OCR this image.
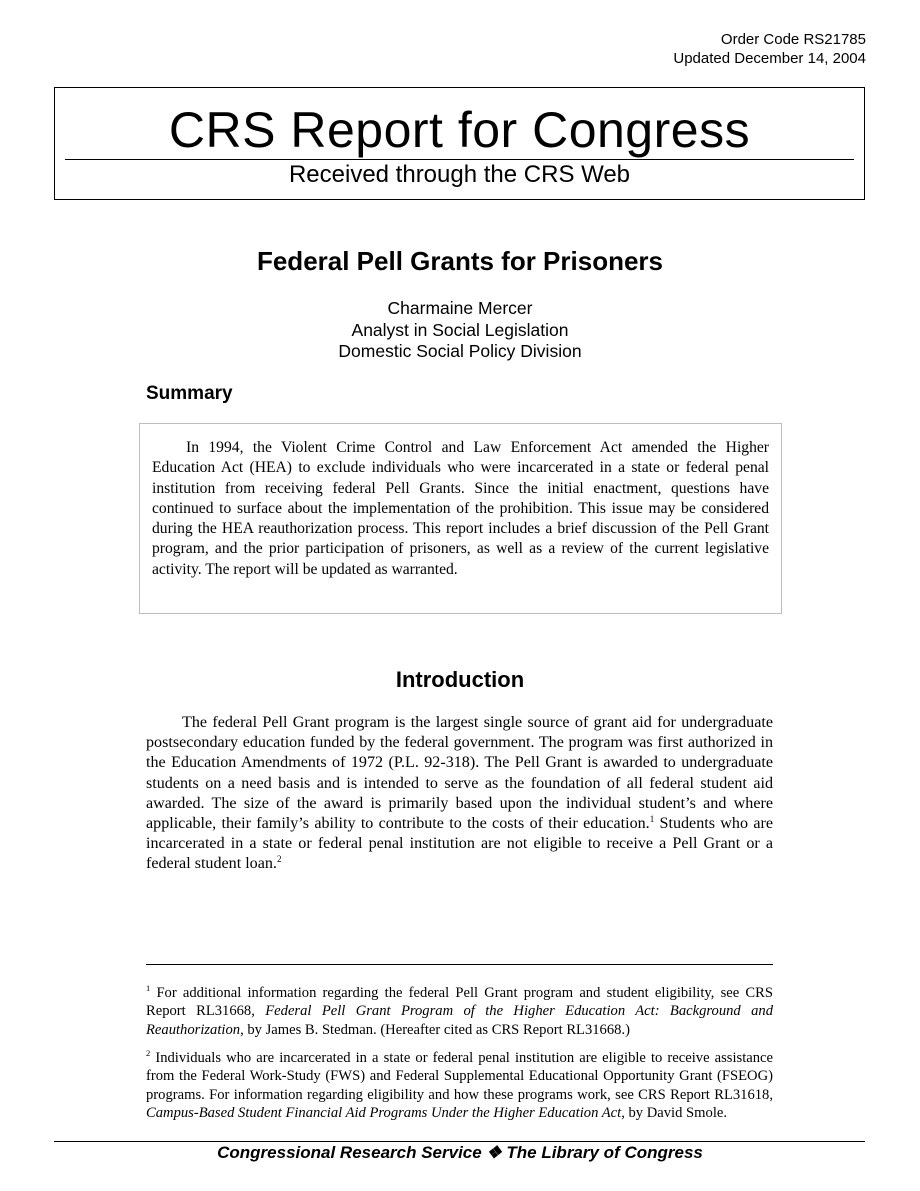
Order Code RS21785
Updated December 14, 2004
CRS Report for Congress
Received through the CRS Web
Federal Pell Grants for Prisoners
Charmaine Mercer
Analyst in Social Legislation
Domestic Social Policy Division
Summary
In 1994, the Violent Crime Control and Law Enforcement Act amended the Higher Education Act (HEA) to exclude individuals who were incarcerated in a state or federal penal institution from receiving federal Pell Grants. Since the initial enactment, questions have continued to surface about the implementation of the prohibition. This issue may be considered during the HEA reauthorization process. This report includes a brief discussion of the Pell Grant program, and the prior participation of prisoners, as well as a review of the current legislative activity. The report will be updated as warranted.
Introduction
The federal Pell Grant program is the largest single source of grant aid for undergraduate postsecondary education funded by the federal government. The program was first authorized in the Education Amendments of 1972 (P.L. 92-318). The Pell Grant is awarded to undergraduate students on a need basis and is intended to serve as the foundation of all federal student aid awarded. The size of the award is primarily based upon the individual student’s and where applicable, their family’s ability to contribute to the costs of their education.$^1$ Students who are incarcerated in a state or federal penal institution are not eligible to receive a Pell Grant or a federal student loan.$^2$
$^1$ For additional information regarding the federal Pell Grant program and student eligibility, see CRS Report RL31668, Federal Pell Grant Program of the Higher Education Act: Background and Reauthorization, by James B. Stedman. (Hereafter cited as CRS Report RL31668.)
$^2$ Individuals who are incarcerated in a state or federal penal institution are eligible to receive assistance from the Federal Work-Study (FWS) and Federal Supplemental Educational Opportunity Grant (FSEOG) programs. For information regarding eligibility and how these programs work, see CRS Report RL31618, Campus-Based Student Financial Aid Programs Under the Higher Education Act, by David Smole.
Congressional Research Service ❖ The Library of Congress
